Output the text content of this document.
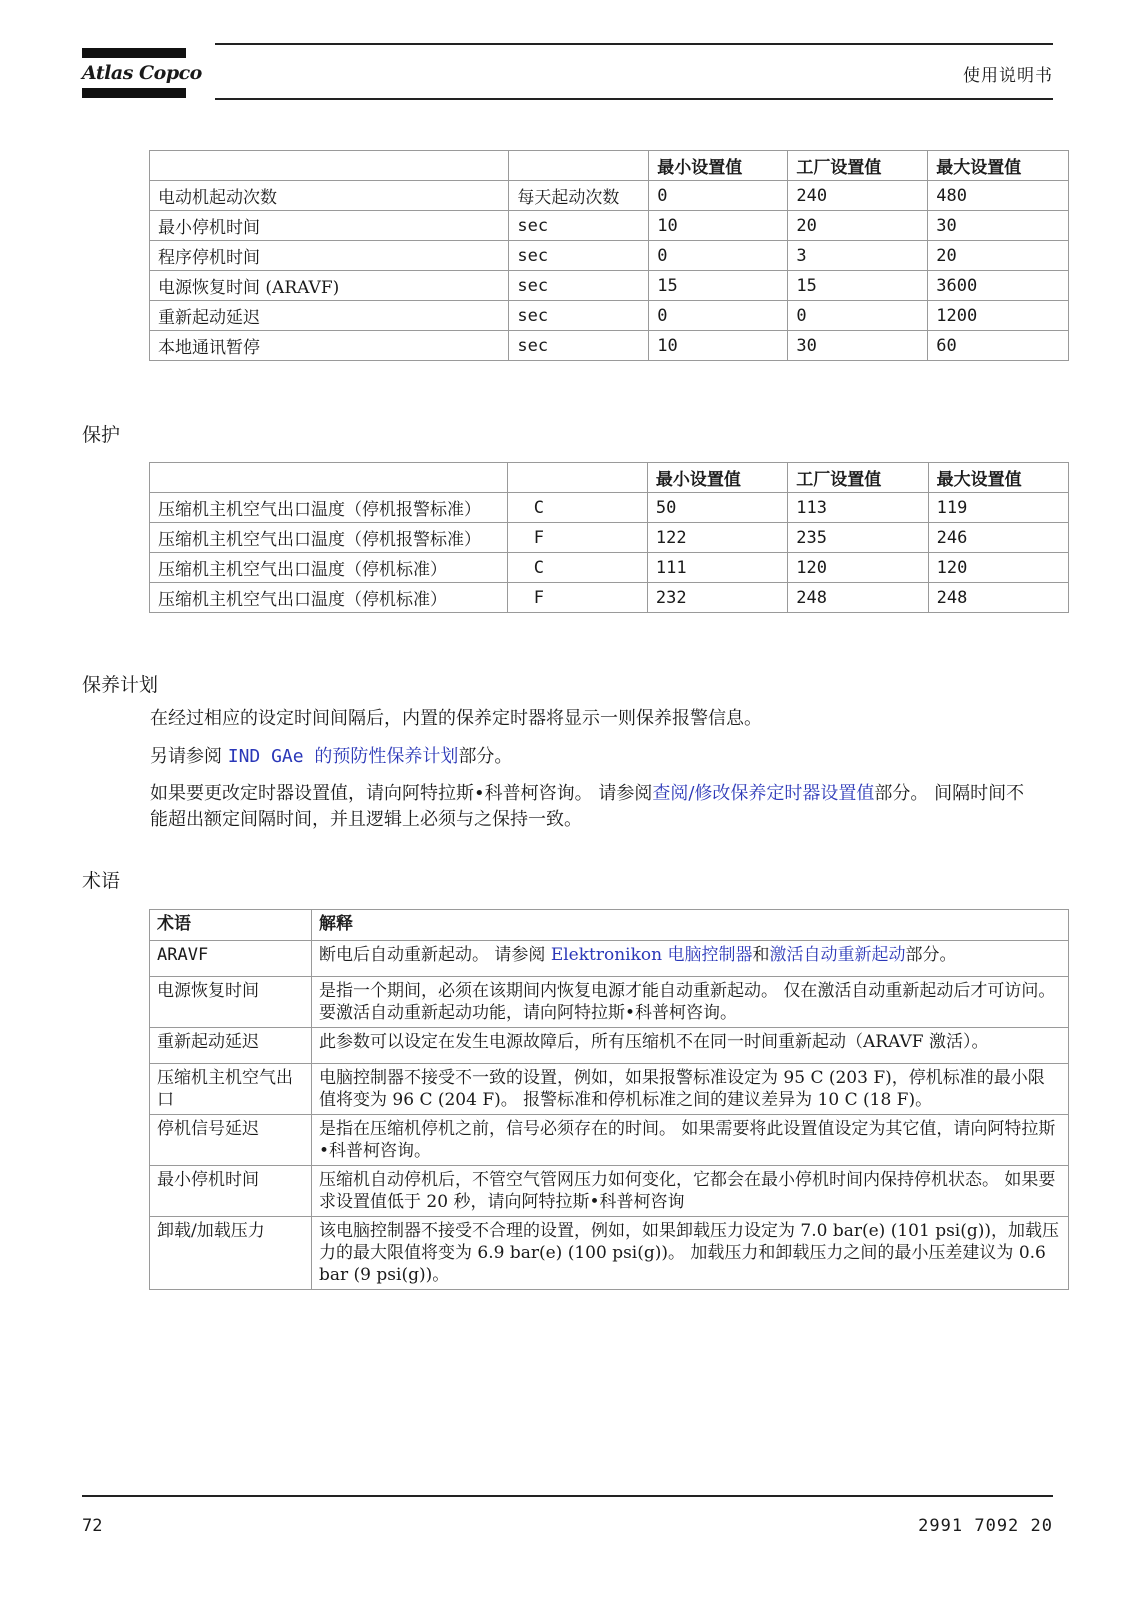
Atlas Copco	使用说明书
		最小设置值	工厂设置值	最大设置值
电动机起动次数	每天起动次数	0	240	480
最小停机时间	sec	10	20	30
程序停机时间	sec	0	3	20
电源恢复时间 (ARAVF)	sec	15	15	3600
重新起动延迟	sec	0	0	1200
本地通讯暂停	sec	10	30	60
保护
		最小设置值	工厂设置值	最大设置值
压缩机主机空气出口温度（停机报警标准）	C	50	113	119
压缩机主机空气出口温度（停机报警标准）	F	122	235	246
压缩机主机空气出口温度（停机标准）	C	111	120	120
压缩机主机空气出口温度（停机标准）	F	232	248	248
保养计划
在经过相应的设定时间间隔后，内置的保养定时器将显示一则保养报警信息。
另请参阅 IND GAe 的预防性保养计划部分。
如果要更改定时器设置值，请向阿特拉斯•科普柯咨询。 请参阅查阅/修改保养定时器设置值部分。 间隔时间不能超出额定间隔时间，并且逻辑上必须与之保持一致。
术语
术语	解释
ARAVF	断电后自动重新起动。 请参阅 Elektronikon 电脑控制器和激活自动重新起动部分。
电源恢复时间	是指一个期间，必须在该期间内恢复电源才能自动重新起动。 仅在激活自动重新起动后才可访问。 要激活自动重新起动功能，请向阿特拉斯•科普柯咨询。
重新起动延迟	此参数可以设定在发生电源故障后，所有压缩机不在同一时间重新起动（ARAVF 激活）。
压缩机主机空气出口	电脑控制器不接受不一致的设置，例如，如果报警标准设定为 95 C (203 F)，停机标准的最小限值将变为 96 C (204 F)。 报警标准和停机标准之间的建议差异为 10 C (18 F)。
停机信号延迟	是指在压缩机停机之前，信号必须存在的时间。 如果需要将此设置值设定为其它值，请向阿特拉斯•科普柯咨询。
最小停机时间	压缩机自动停机后，不管空气管网压力如何变化，它都会在最小停机时间内保持停机状态。 如果要求设置值低于 20 秒，请向阿特拉斯•科普柯咨询
卸载/加载压力	该电脑控制器不接受不合理的设置，例如，如果卸载压力设定为 7.0 bar(e) (101 psi(g))，加载压力的最大限值将变为 6.9 bar(e) (100 psi(g))。 加载压力和卸载压力之间的最小压差建议为 0.6 bar (9 psi(g))。
72	2991 7092 20
